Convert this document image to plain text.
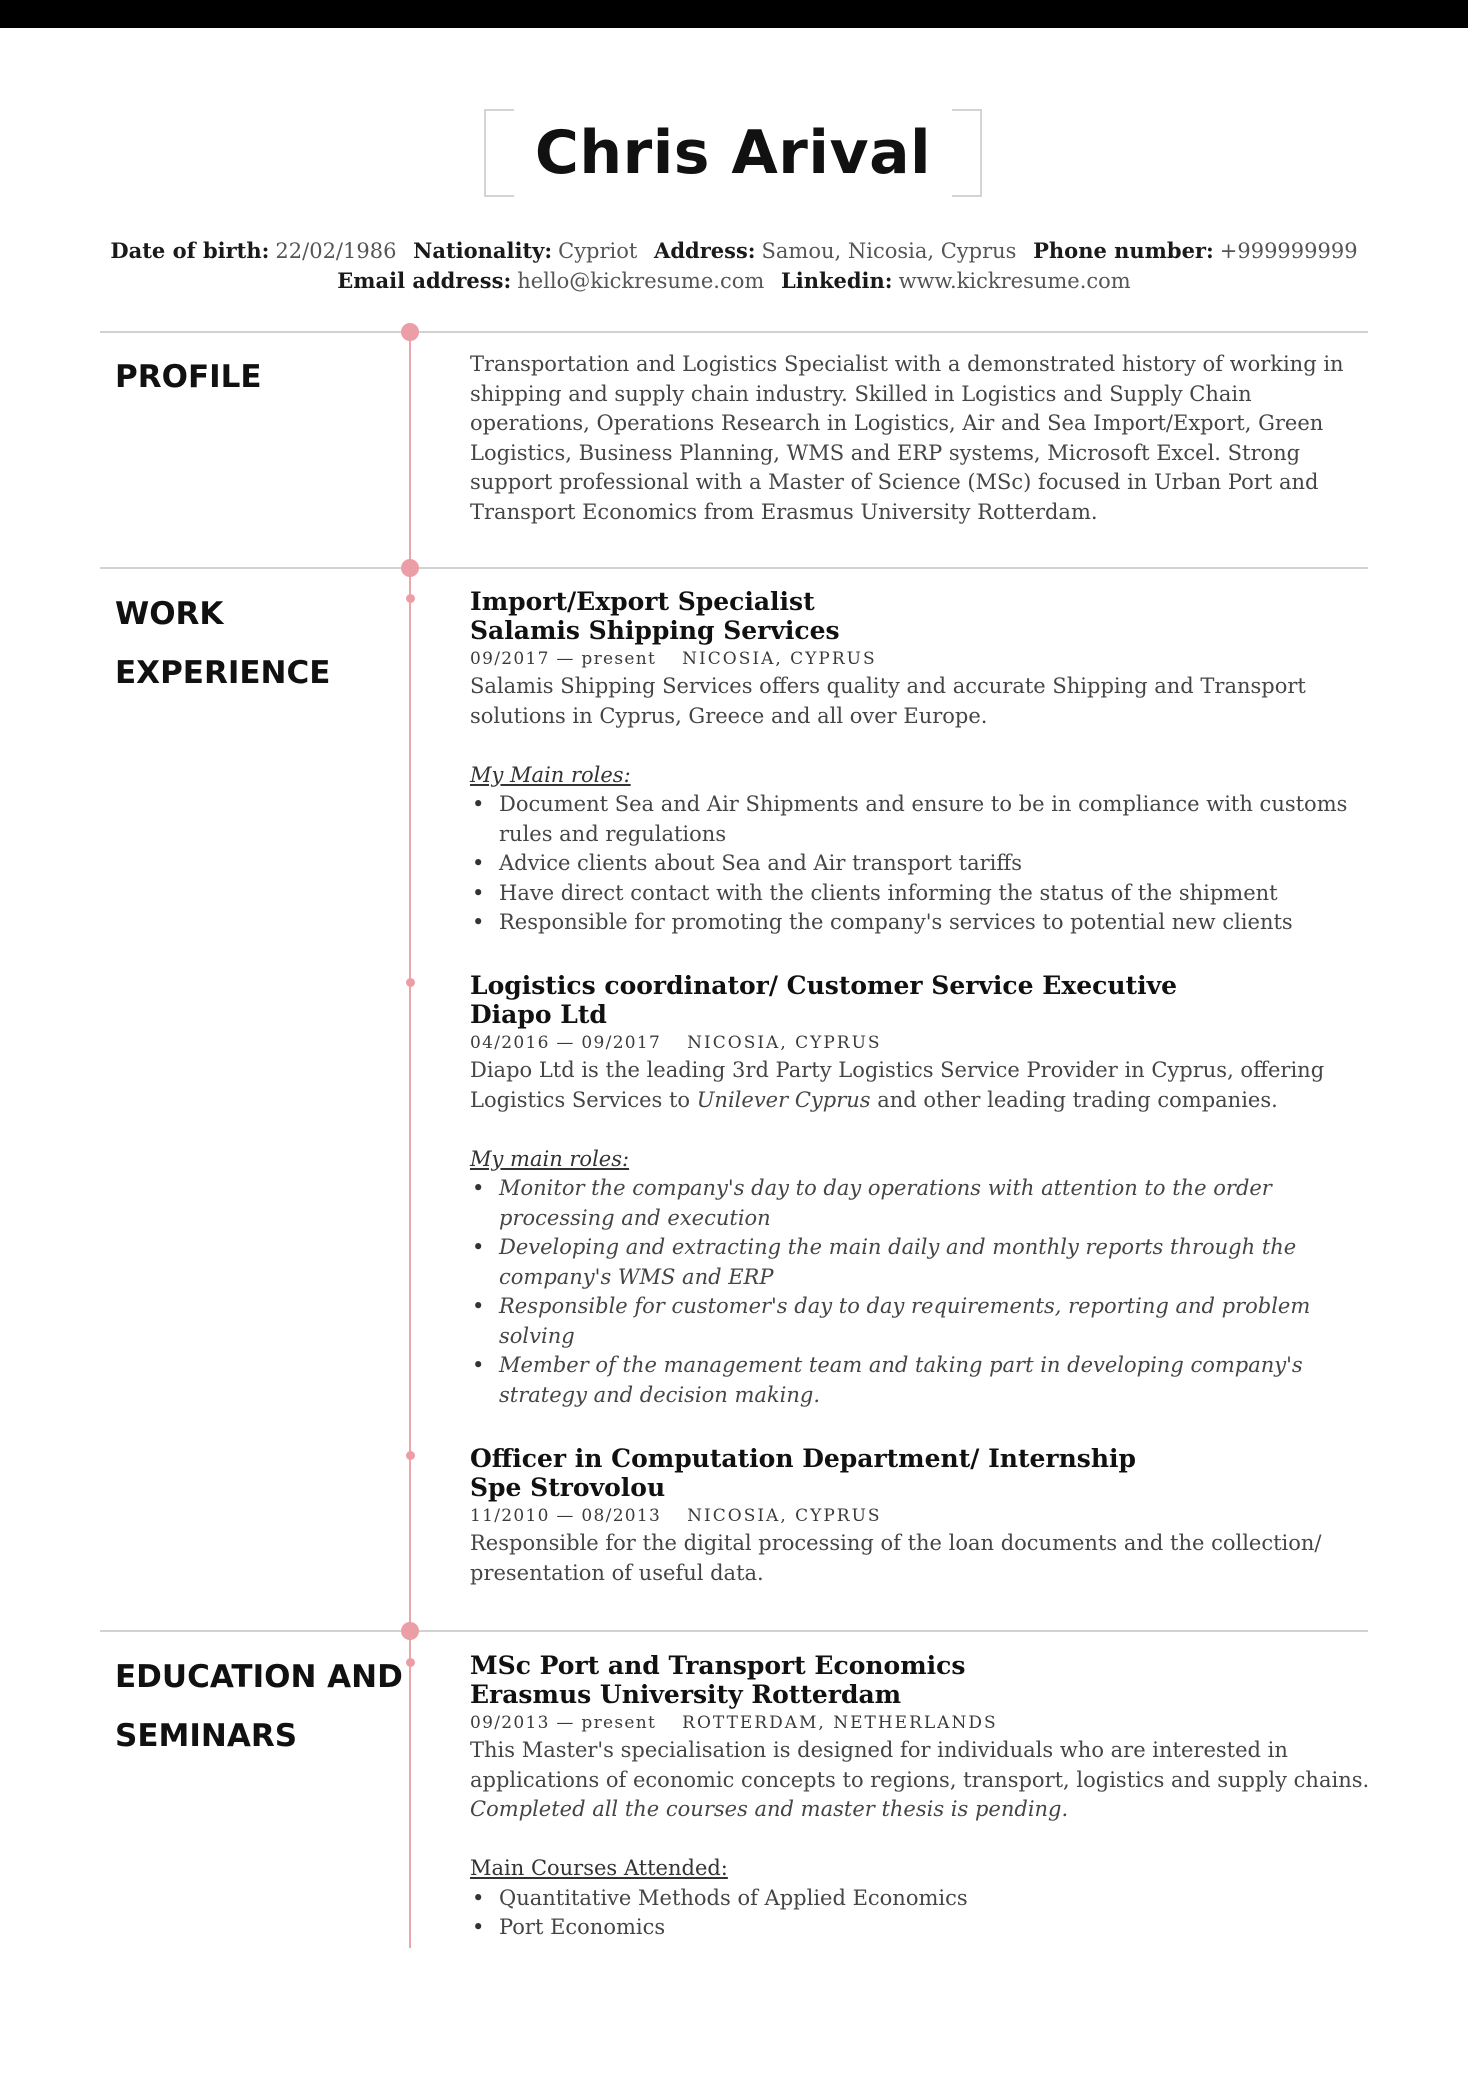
Chris Arival
Date of birth: 22/02/1986 Nationality: Cypriot Address: Samou, Nicosia, Cyprus Phone number: +999999999
Email address: hello@kickresume.com Linkedin: www.kickresume.com
PROFILE	Transportation and Logistics Specialist with a demonstrated history of working in shipping and supply chain industry. Skilled in Logistics and Supply Chain operations, Operations Research in Logistics, Air and Sea Import/Export, Green Logistics, Business Planning, WMS and ERP systems, Microsoft Excel. Strong support professional with a Master of Science (MSc) focused in Urban Port and Transport Economics from Erasmus University Rotterdam.
WORK
EXPERIENCE
Import/Export Specialist
Salamis Shipping Services
09/2017 — present NICOSIA, CYPRUS
Salamis Shipping Services offers quality and accurate Shipping and Transport solutions in Cyprus, Greece and all over Europe.
My Main roles:
• Document Sea and Air Shipments and ensure to be in compliance with customs rules and regulations
• Advice clients about Sea and Air transport tariffs
• Have direct contact with the clients informing the status of the shipment
• Responsible for promoting the company's services to potential new clients
Logistics coordinator/ Customer Service Executive
Diapo Ltd
04/2016 — 09/2017 NICOSIA, CYPRUS
Diapo Ltd is the leading 3rd Party Logistics Service Provider in Cyprus, offering Logistics Services to Unilever Cyprus and other leading trading companies.
My main roles:
• Monitor the company's day to day operations with attention to the order processing and execution
• Developing and extracting the main daily and monthly reports through the company's WMS and ERP
• Responsible for customer's day to day requirements, reporting and problem solving
• Member of the management team and taking part in developing company's strategy and decision making.
Officer in Computation Department/ Internship
Spe Strovolou
11/2010 — 08/2013 NICOSIA, CYPRUS
Responsible for the digital processing of the loan documents and the collection/ presentation of useful data.
EDUCATION AND
SEMINARS
MSc Port and Transport Economics
Erasmus University Rotterdam
09/2013 — present ROTTERDAM, NETHERLANDS
This Master's specialisation is designed for individuals who are interested in applications of economic concepts to regions, transport, logistics and supply chains.
Completed all the courses and master thesis is pending.
Main Courses Attended:
• Quantitative Methods of Applied Economics
• Port Economics
